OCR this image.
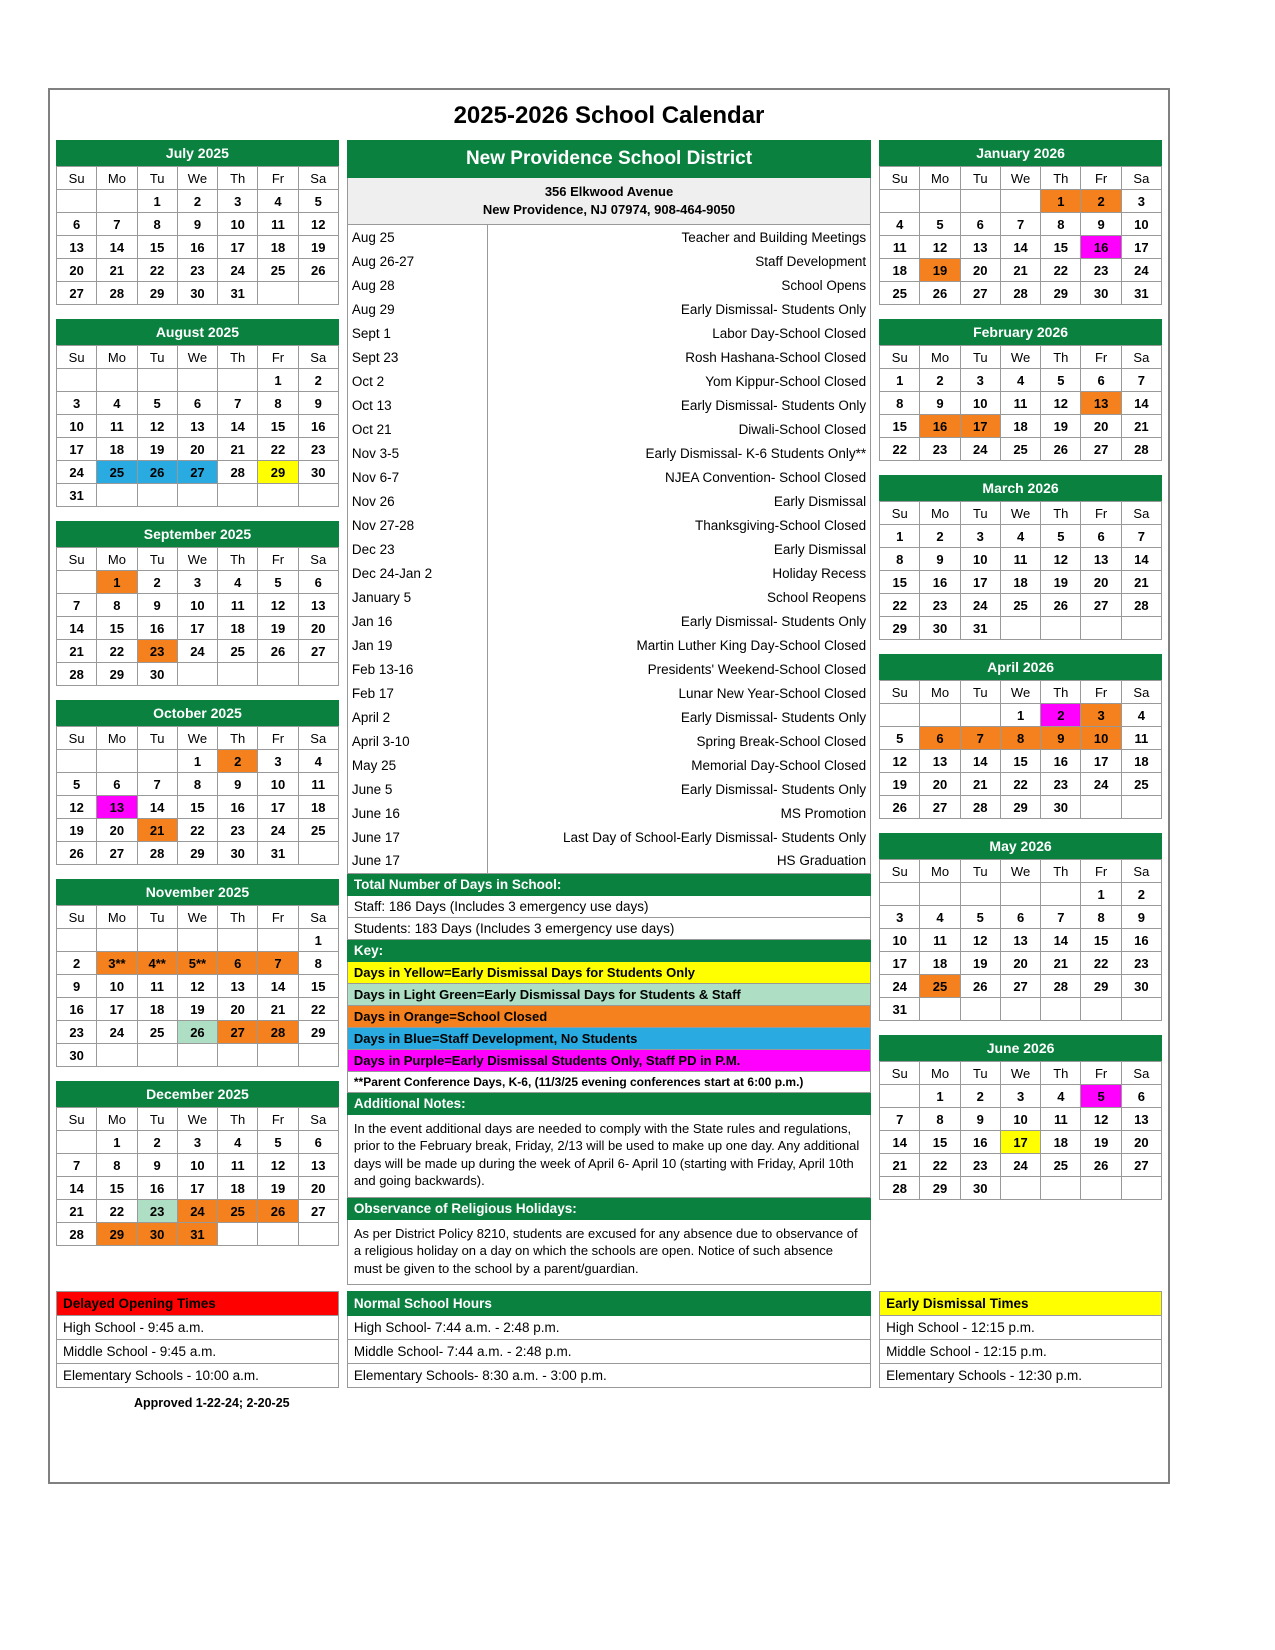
2025-2026 School Calendar
July 2025
Su	Mo	Tu	We	Th	Fr	Sa
		1	2	3	4	5
6	7	8	9	10	11	12
13	14	15	16	17	18	19
20	21	22	23	24	25	26
27	28	29	30	31		
August 2025
Su	Mo	Tu	We	Th	Fr	Sa
					1	2
3	4	5	6	7	8	9
10	11	12	13	14	15	16
17	18	19	20	21	22	23
24	25	26	27	28	29	30
31						
September 2025
Su	Mo	Tu	We	Th	Fr	Sa
	1	2	3	4	5	6
7	8	9	10	11	12	13
14	15	16	17	18	19	20
21	22	23	24	25	26	27
28	29	30				
October 2025
Su	Mo	Tu	We	Th	Fr	Sa
			1	2	3	4
5	6	7	8	9	10	11
12	13	14	15	16	17	18
19	20	21	22	23	24	25
26	27	28	29	30	31	
November 2025
Su	Mo	Tu	We	Th	Fr	Sa
						1
2	3**	4**	5**	6	7	8
9	10	11	12	13	14	15
16	17	18	19	20	21	22
23	24	25	26	27	28	29
30						
December 2025
Su	Mo	Tu	We	Th	Fr	Sa
	1	2	3	4	5	6
7	8	9	10	11	12	13
14	15	16	17	18	19	20
21	22	23	24	25	26	27
28	29	30	31			
New Providence School District
356 Elkwood Avenue
New Providence, NJ 07974, 908-464-9050
Aug 25	Teacher and Building Meetings
Aug 26-27	Staff Development
Aug 28	School Opens
Aug 29	Early Dismissal- Students Only
Sept 1	Labor Day-School Closed
Sept 23	Rosh Hashana-School Closed
Oct 2	Yom Kippur-School Closed
Oct 13	Early Dismissal- Students Only
Oct 21	Diwali-School Closed
Nov 3-5	Early Dismissal- K-6 Students Only**
Nov 6-7	NJEA Convention- School Closed
Nov 26	Early Dismissal
Nov 27-28	Thanksgiving-School Closed
Dec 23	Early Dismissal
Dec 24-Jan 2	Holiday Recess
January 5	School Reopens
Jan 16	Early Dismissal- Students Only
Jan 19	Martin Luther King Day-School Closed
Feb 13-16	Presidents' Weekend-School Closed
Feb 17	Lunar New Year-School Closed
April 2	Early Dismissal- Students Only
April 3-10	Spring Break-School Closed
May 25	Memorial Day-School Closed
June 5	Early Dismissal- Students Only
June 16	MS Promotion
June 17	Last Day of School-Early Dismissal- Students Only
June 17	HS Graduation
Total Number of Days in School:
Staff: 186 Days (Includes 3 emergency use days)
Students: 183 Days (Includes 3 emergency use days)
Key:
Days in Yellow=Early Dismissal Days for Students Only
Days in Light Green=Early Dismissal Days for Students & Staff
Days in Orange=School Closed
Days in Blue=Staff Development, No Students
Days in Purple=Early Dismissal Students Only, Staff PD in P.M.
**Parent Conference Days, K-6, (11/3/25 evening conferences start at 6:00 p.m.)
Additional Notes:
In the event additional days are needed to comply with the State rules and regulations, prior to the February break, Friday, 2/13 will be used to make up one day. Any additional days will be made up during the week of April 6- April 10 (starting with Friday, April 10th and going backwards).
Observance of Religious Holidays:
As per District Policy 8210, students are excused for any absence due to observance of a religious holiday on a day on which the schools are open. Notice of such absence must be given to the school by a parent/guardian.
January 2026
Su	Mo	Tu	We	Th	Fr	Sa
				1	2	3
4	5	6	7	8	9	10
11	12	13	14	15	16	17
18	19	20	21	22	23	24
25	26	27	28	29	30	31
February 2026
Su	Mo	Tu	We	Th	Fr	Sa
1	2	3	4	5	6	7
8	9	10	11	12	13	14
15	16	17	18	19	20	21
22	23	24	25	26	27	28
March 2026
Su	Mo	Tu	We	Th	Fr	Sa
1	2	3	4	5	6	7
8	9	10	11	12	13	14
15	16	17	18	19	20	21
22	23	24	25	26	27	28
29	30	31				
April 2026
Su	Mo	Tu	We	Th	Fr	Sa
			1	2	3	4
5	6	7	8	9	10	11
12	13	14	15	16	17	18
19	20	21	22	23	24	25
26	27	28	29	30		
May 2026
Su	Mo	Tu	We	Th	Fr	Sa
					1	2
3	4	5	6	7	8	9
10	11	12	13	14	15	16
17	18	19	20	21	22	23
24	25	26	27	28	29	30
31						
June 2026
Su	Mo	Tu	We	Th	Fr	Sa
	1	2	3	4	5	6
7	8	9	10	11	12	13
14	15	16	17	18	19	20
21	22	23	24	25	26	27
28	29	30				
Delayed Opening Times
High School - 9:45 a.m.
Middle School - 9:45 a.m.
Elementary Schools - 10:00 a.m.
Approved 1-22-24; 2-20-25
Normal School Hours
High School- 7:44 a.m. - 2:48 p.m.
Middle School- 7:44 a.m. - 2:48 p.m.
Elementary Schools- 8:30 a.m. - 3:00 p.m.
Early Dismissal Times
High School - 12:15 p.m.
Middle School - 12:15 p.m.
Elementary Schools - 12:30 p.m.
